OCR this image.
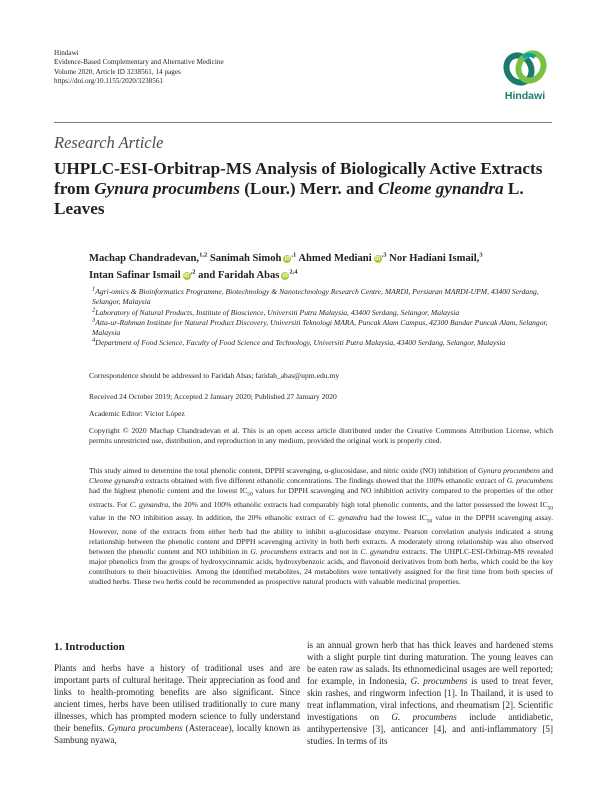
Hindawi
Evidence-Based Complementary and Alternative Medicine
Volume 2020, Article ID 3238561, 14 pages
https://doi.org/10.1155/2020/3238561
Hindawi
Research Article
UHPLC-ESI-Orbitrap-MS Analysis of Biologically Active Extracts from Gynura procumbens (Lour.) Merr. and Cleome gynandra L. Leaves
Machap Chandradevan,$^{1,2}$ Sanimah Simoh $iD^{,1}$ Ahmed Mediani $iD^{,3}$ Nor Hadiani Ismail,$^3$
Intan Safinar Ismail $iD^{,2}$ and Faridah Abas iD$^{2,4}$
$^1$Agri-omics & Bioinformatics Programme, Biotechnology & Nanotechnology Research Centre, MARDI, Persiaran MARDI-UPM, 43400 Serdang, Selangor, Malaysia
$^2$Laboratory of Natural Products, Institute of Bioscience, Universiti Putra Malaysia, 43400 Serdang, Selangor, Malaysia
$^3$Atta-ur-Rahman Institute for Natural Product Discovery, Universiti Teknologi MARA, Puncak Alam Campus, 42300 Bandar Puncak Alam, Selangor, Malaysia
$^4$Department of Food Science, Faculty of Food Science and Technology, Universiti Putra Malaysia, 43400 Serdang, Selangor, Malaysia
Correspondence should be addressed to Faridah Abas; faridah_abas@upm.edu.my
Received 24 October 2019; Accepted 2 January 2020; Published 27 January 2020
Academic Editor: Víctor López
Copyright © 2020 Machap Chandradevan et al. This is an open access article distributed under the Creative Commons Attribution License, which permits unrestricted use, distribution, and reproduction in any medium, provided the original work is properly cited.
This study aimed to determine the total phenolic content, DPPH scavenging, α-glucosidase, and nitric oxide (NO) inhibition of Gynura procumbens and Cleome gynandra extracts obtained with five different ethanolic concentrations. The findings showed that the 100% ethanolic extract of G. procumbens had the highest phenolic content and the lowest $IC_{50}$ values for DPPH scavenging and NO inhibition activity compared to the properties of the other extracts. For C. gynandra, the 20% and 100% ethanolic extracts had comparably high total phenolic contents, and the latter possessed the lowest $IC_{50}$ value in the NO inhibition assay. In addition, the 20% ethanolic extract of C. gynandra had the lowest $IC_{50}$ value in the DPPH scavenging assay. However, none of the extracts from either herb had the ability to inhibit α-glucosidase enzyme. Pearson correlation analysis indicated a strong relationship between the phenolic content and DPPH scavenging activity in both herb extracts. A moderately strong relationship was also observed between the phenolic content and NO inhibition in G. procumbens extracts and not in C. gynandra extracts. The UHPLC-ESI-Orbitrap-MS revealed major phenolics from the groups of hydroxycinnamic acids, hydroxybenzoic acids, and flavonoid derivatives from both herbs, which could be the key contributors to their bioactivities. Among the identified metabolites, 24 metabolites were tentatively assigned for the first time from both species of studied herbs. These two herbs could be recommended as prospective natural products with valuable medicinal properties.
1. Introduction
Plants and herbs have a history of traditional uses and are important parts of cultural heritage. Their appreciation as food and links to health-promoting benefits are also significant. Since ancient times, herbs have been utilised traditionally to cure many illnesses, which has prompted modern science to fully understand their benefits. Gynura procumbens (Asteraceae), locally known as Sambung nyawa,
is an annual grown herb that has thick leaves and hardened stems with a slight purple tint during maturation. The young leaves can be eaten raw as salads. Its ethnomedicinal usages are well reported; for example, in Indonesia, G. procumbens is used to treat fever, skin rashes, and ringworm infection [1]. In Thailand, it is used to treat inflammation, viral infections, and rheumatism [2]. Scientific investigations on G. procumbens include antidiabetic, antihypertensive [3], anticancer [4], and anti-inflammatory [5] studies. In terms of its
